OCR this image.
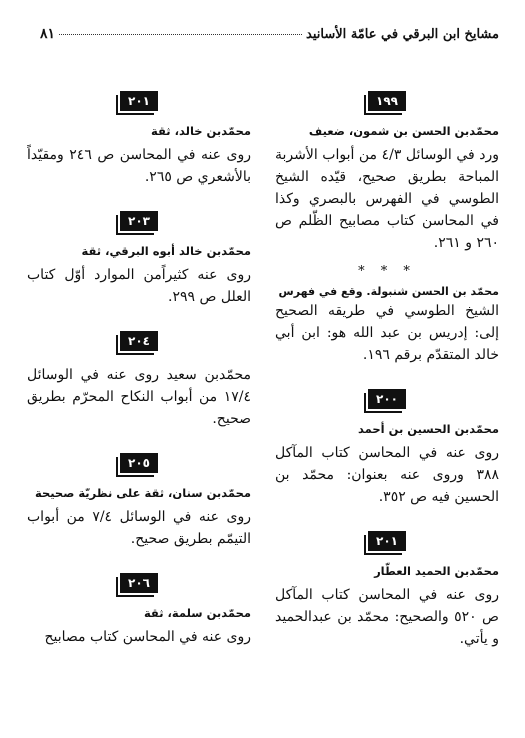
مشايخ ابن البرقي في عامّة الأسانيد
٨١
١٩٩
محمّدبن الحسن بن شمون، ضعيف
ورد في الوسائل ٤/٣ من أبواب الأشربة المباحة بطريق صحيح، قيّده الشيخ الطوسي في الفهرس بالبصري وكذا في المحاسن كتاب مصابيح الظّلم ص ٢٦٠ و ٢٦١.
* * *
محمّد بن الحسن شنبولة. وقع في فهرس
الشيخ الطوسي في طريقه الصحيح إلى: إدريس بن عبد الله هو: ابن أبي خالد المتقدّم برقم ١٩٦.
٢٠٠
محمّدبن الحسين بن أحمد
روى عنه في المحاسن كتاب المآكل ٣٨٨ وروى عنه بعنوان: محمّد بن الحسين فيه ص ٣٥٢.
٢٠١
محمّدبن الحميد العطّار
روى عنه في المحاسن كتاب المآكل ص ٥٢٠ والصحيح: محمّد بن عبدالحميد و يأتي.
٢٠١
محمّدبن خالد، ثقة
روى عنه في المحاسن ص ٢٤٦ ومقيّداً بالأشعري ص ٢٦٥.
٢٠٣
محمّدبن خالد أبوه البرقي، ثقة
روى عنه كثيراًمن الموارد أوّل كتاب العلل ص ٢٩٩.
٢٠٤
محمّدبن سعيد روى عنه في الوسائل ١٧/٤ من أبواب النكاح المحرّم بطريق صحيح.
٢٠٥
محمّدبن سنان، ثقة على نظريّة صحيحة
روى عنه في الوسائل ٧/٤ من أبواب التيمّم بطريق صحيح.
٢٠٦
محمّدبن سلمة، ثقة
روى عنه في المحاسن كتاب مصابيح
